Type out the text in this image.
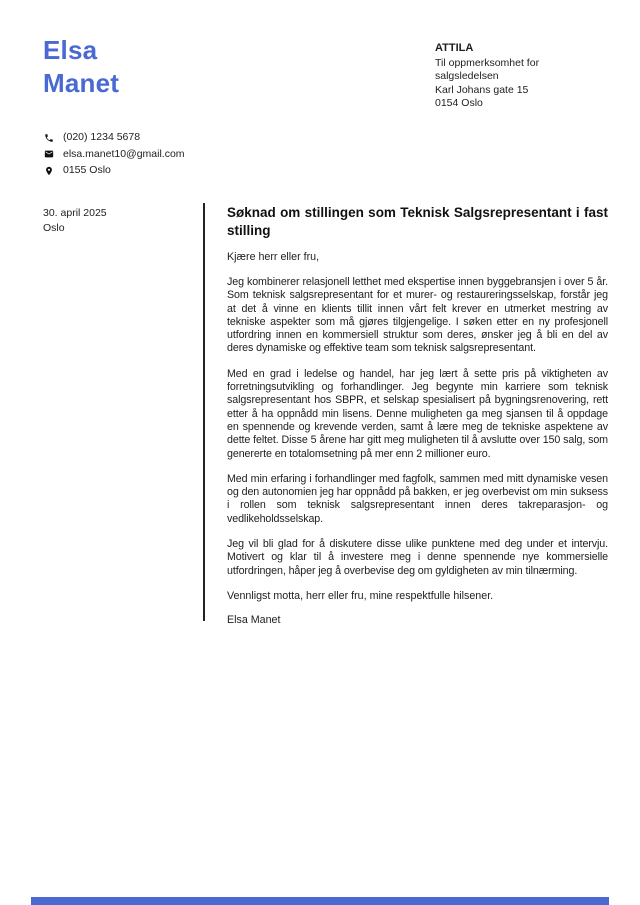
Elsa
Manet
ATTILA
Til oppmerksomhet for
salgsledelsen
Karl Johans gate 15
0154 Oslo
(020) 1234 5678
elsa.manet10@gmail.com
0155 Oslo
30. april 2025
Oslo
Søknad om stillingen som Teknisk Salgsrepresentant i fast stilling

Kjære herr eller fru,

Jeg kombinerer relasjonell letthet med ekspertise innen byggebransjen i over 5 år. Som teknisk salgsrepresentant for et murer- og restaureringsselskap, forstår jeg at det å vinne en klients tillit innen vårt felt krever en utmerket mestring av tekniske aspekter som må gjøres tilgjengelige. I søken etter en ny profesjonell utfordring innen en kommersiell struktur som deres, ønsker jeg å bli en del av deres dynamiske og effektive team som teknisk salgsrepresentant.

Med en grad i ledelse og handel, har jeg lært å sette pris på viktigheten av forretningsutvikling og forhandlinger. Jeg begynte min karriere som teknisk salgsrepresentant hos SBPR, et selskap spesialisert på bygningsrenovering, rett etter å ha oppnådd min lisens. Denne muligheten ga meg sjansen til å oppdage en spennende og krevende verden, samt å lære meg de tekniske aspektene av dette feltet. Disse 5 årene har gitt meg muligheten til å avslutte over 150 salg, som genererte en totalomsetning på mer enn 2 millioner euro.

Med min erfaring i forhandlinger med fagfolk, sammen med mitt dynamiske vesen og den autonomien jeg har oppnådd på bakken, er jeg overbevist om min suksess i rollen som teknisk salgsrepresentant innen deres takreparasjon- og vedlikeholdsselskap.

Jeg vil bli glad for å diskutere disse ulike punktene med deg under et intervju. Motivert og klar til å investere meg i denne spennende nye kommersielle utfordringen, håper jeg å overbevise deg om gyldigheten av min tilnærming.

Vennligst motta, herr eller fru, mine respektfulle hilsener.

Elsa Manet
